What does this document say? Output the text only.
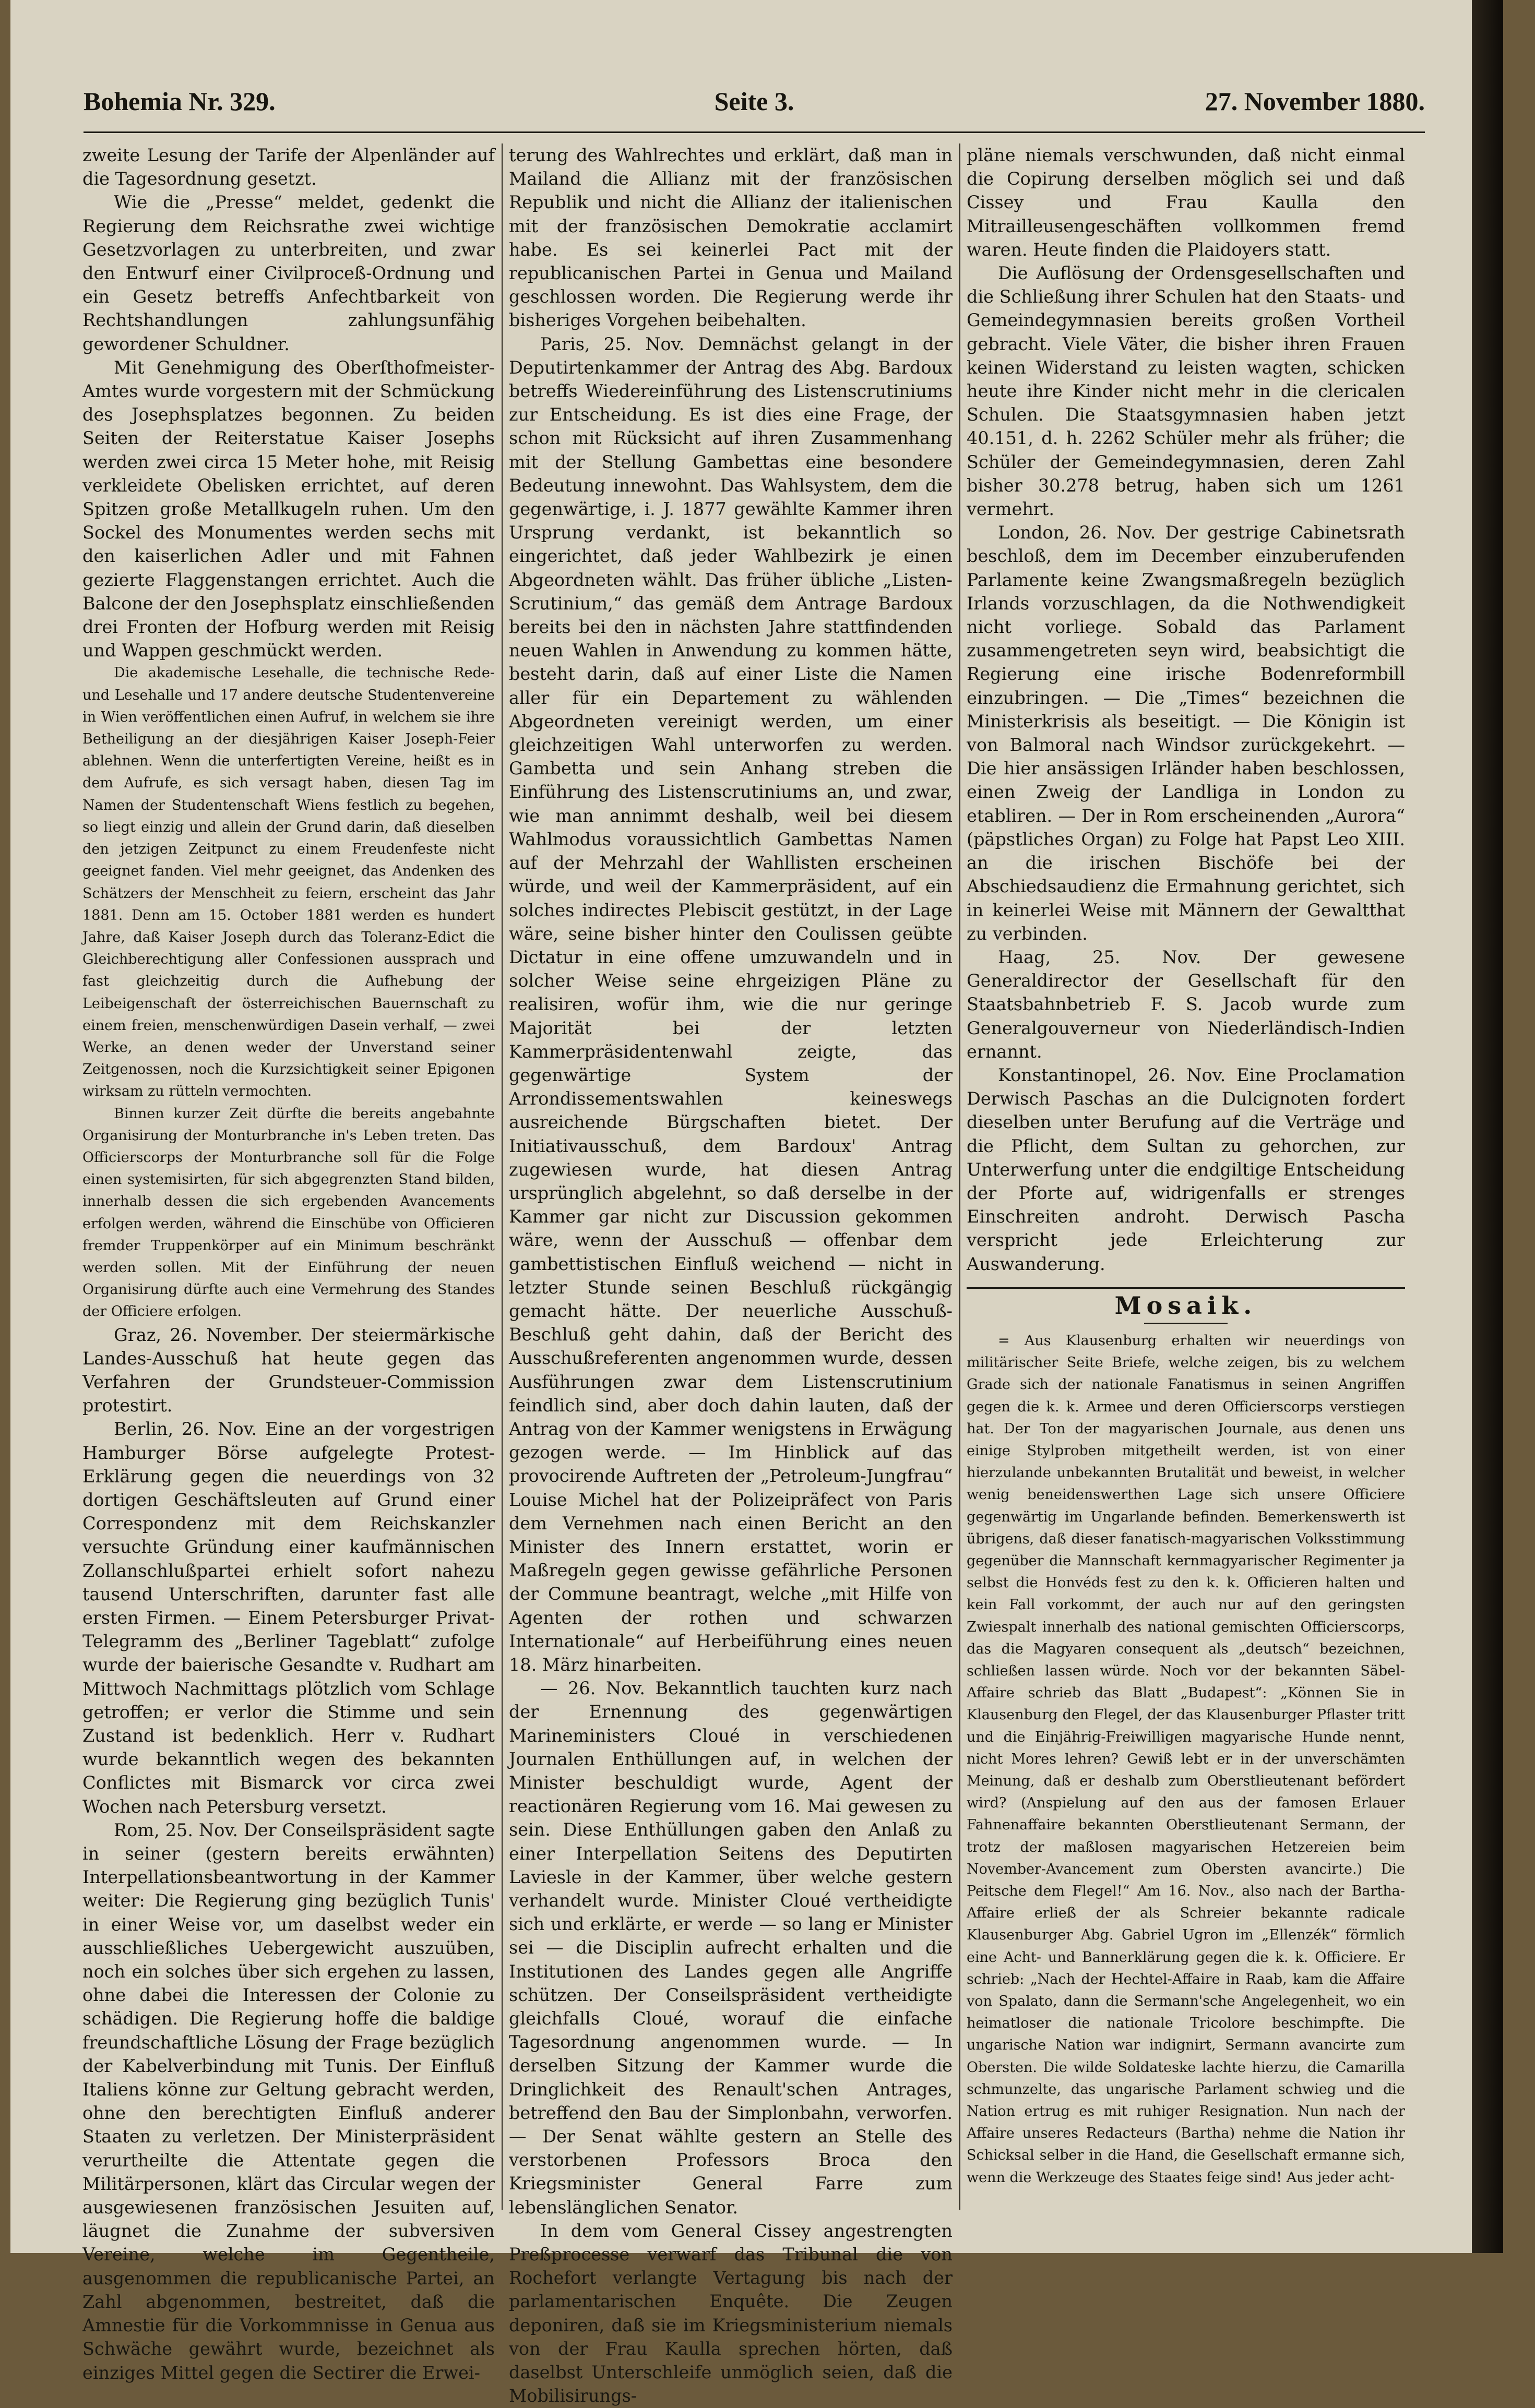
Bohemia Nr. 329.	Seite 3.	27. November 1880.

zweite Lesung der Tarife der Alpenländer auf die Tagesordnung gesetzt.

Wie die „Presse“ meldet, gedenkt die Regierung dem Reichsrathe zwei wichtige Gesetzvorlagen zu unterbreiten, und zwar den Entwurf einer Civilproceß-Ordnung und ein Gesetz betreffs Anfechtbarkeit von Rechtshandlungen zahlungsunfähig gewordener Schuldner.

Mit Genehmigung des Oberſthofmeister-Amtes wurde vorgestern mit der Schmückung des Josephsplatzes begonnen. Zu beiden Seiten der Reiterstatue Kaiser Josephs werden zwei circa 15 Meter hohe, mit Reisig verkleidete Obelisken errichtet, auf deren Spitzen große Metallkugeln ruhen. Um den Sockel des Monumentes werden sechs mit den kaiserlichen Adler und mit Fahnen gezierte Flaggenstangen errichtet. Auch die Balcone der den Josephsplatz einschließenden drei Fronten der Hofburg werden mit Reisig und Wappen geschmückt werden.

Die akademische Lesehalle, die technische Rede- und Lesehalle und 17 andere deutsche Studentenvereine in Wien veröffentlichen einen Aufruf, in welchem sie ihre Betheiligung an der diesjährigen Kaiser Joseph-Feier ablehnen. Wenn die unterfertigten Vereine, heißt es in dem Aufrufe, es sich versagt haben, diesen Tag im Namen der Studentenschaft Wiens festlich zu begehen, so liegt einzig und allein der Grund darin, daß dieselben den jetzigen Zeitpunct zu einem Freudenfeste nicht geeignet fanden. Viel mehr geeignet, das Andenken des Schätzers der Menschheit zu feiern, erscheint das Jahr 1881. Denn am 15. October 1881 werden es hundert Jahre, daß Kaiser Joseph durch das Toleranz-Edict die Gleichberechtigung aller Confessionen aussprach und fast gleichzeitig durch die Aufhebung der Leibeigenschaft der österreichischen Bauernschaft zu einem freien, menschenwürdigen Dasein verhalf, — zwei Werke, an denen weder der Unverstand seiner Zeitgenossen, noch die Kurzsichtigkeit seiner Epigonen wirksam zu rütteln vermochten.

Binnen kurzer Zeit dürfte die bereits angebahnte Organisirung der Monturbranche in's Leben treten. Das Officierscorps der Monturbranche soll für die Folge einen systemisirten, für sich abgegrenzten Stand bilden, innerhalb dessen die sich ergebenden Avancements erfolgen werden, während die Einschübe von Officieren fremder Truppenkörper auf ein Minimum beschränkt werden sollen. Mit der Einführung der neuen Organisirung dürfte auch eine Vermehrung des Standes der Officiere erfolgen.

Graz, 26. November. Der steiermärkische Landes-Ausschuß hat heute gegen das Verfahren der Grundsteuer-Commission protestirt.

Berlin, 26. Nov. Eine an der vorgestrigen Hamburger Börse aufgelegte Protest-Erklärung gegen die neuerdings von 32 dortigen Geschäftsleuten auf Grund einer Correspondenz mit dem Reichskanzler versuchte Gründung einer kaufmännischen Zollanschlußpartei erhielt sofort nahezu tausend Unterschriften, darunter fast alle ersten Firmen. — Einem Petersburger Privat-Telegramm des „Berliner Tageblatt“ zufolge wurde der baierische Gesandte v. Rudhart am Mittwoch Nachmittags plötzlich vom Schlage getroffen; er verlor die Stimme und sein Zustand ist bedenklich. Herr v. Rudhart wurde bekanntlich wegen des bekannten Conflictes mit Bismarck vor circa zwei Wochen nach Petersburg versetzt.

Rom, 25. Nov. Der Conseilspräsident sagte in seiner (gestern bereits erwähnten) Interpellationsbeantwortung in der Kammer weiter: Die Regierung ging bezüglich Tunis' in einer Weise vor, um daselbst weder ein ausschließliches Uebergewicht auszuüben, noch ein solches über sich ergehen zu lassen, ohne dabei die Interessen der Colonie zu schädigen. Die Regierung hoffe die baldige freundschaftliche Lösung der Frage bezüglich der Kabelverbindung mit Tunis. Der Einfluß Italiens könne zur Geltung gebracht werden, ohne den berechtigten Einfluß anderer Staaten zu verletzen. Der Ministerpräsident verurtheilte die Attentate gegen die Militärpersonen, klärt das Circular wegen der ausgewiesenen französischen Jesuiten auf, läugnet die Zunahme der subversiven Vereine, welche im Gegentheile, ausgenommen die republicanische Partei, an Zahl abgenommen, bestreitet, daß die Amnestie für die Vorkommnisse in Genua aus Schwäche gewährt wurde, bezeichnet als einziges Mittel gegen die Sectirer die Erwei-

terung des Wahlrechtes und erklärt, daß man in Mailand die Allianz mit der französischen Republik und nicht die Allianz der italienischen mit der französischen Demokratie acclamirt habe. Es sei keinerlei Pact mit der republicanischen Partei in Genua und Mailand geschlossen worden. Die Regierung werde ihr bisheriges Vorgehen beibehalten.

Paris, 25. Nov. Demnächst gelangt in der Deputirtenkammer der Antrag des Abg. Bardoux betreffs Wiedereinführung des Listenscrutiniums zur Entscheidung. Es ist dies eine Frage, der schon mit Rücksicht auf ihren Zusammenhang mit der Stellung Gambettas eine besondere Bedeutung innewohnt. Das Wahlsystem, dem die gegenwärtige, i. J. 1877 gewählte Kammer ihren Ursprung verdankt, ist bekanntlich so eingerichtet, daß jeder Wahlbezirk je einen Abgeordneten wählt. Das früher übliche „Listen-Scrutinium,“ das gemäß dem Antrage Bardoux bereits bei den in nächsten Jahre stattfindenden neuen Wahlen in Anwendung zu kommen hätte, besteht darin, daß auf einer Liste die Namen aller für ein Departement zu wählenden Abgeordneten vereinigt werden, um einer gleichzeitigen Wahl unterworfen zu werden. Gambetta und sein Anhang streben die Einführung des Listenscrutiniums an, und zwar, wie man annimmt deshalb, weil bei diesem Wahlmodus voraussichtlich Gambettas Namen auf der Mehrzahl der Wahllisten erscheinen würde, und weil der Kammerpräsident, auf ein solches indirectes Plebiscit gestützt, in der Lage wäre, seine bisher hinter den Coulissen geübte Dictatur in eine offene umzuwandeln und in solcher Weise seine ehrgeizigen Pläne zu realisiren, wofür ihm, wie die nur geringe Majorität bei der letzten Kammerpräsidentenwahl zeigte, das gegenwärtige System der Arrondissementswahlen keineswegs ausreichende Bürgschaften bietet. Der Initiativausschuß, dem Bardoux' Antrag zugewiesen wurde, hat diesen Antrag ursprünglich abgelehnt, so daß derselbe in der Kammer gar nicht zur Discussion gekommen wäre, wenn der Ausschuß — offenbar dem gambettistischen Einfluß weichend — nicht in letzter Stunde seinen Beschluß rückgängig gemacht hätte. Der neuerliche Ausschuß-Beschluß geht dahin, daß der Bericht des Ausschußreferenten angenommen wurde, dessen Ausführungen zwar dem Listenscrutinium feindlich sind, aber doch dahin lauten, daß der Antrag von der Kammer wenigstens in Erwägung gezogen werde. — Im Hinblick auf das provocirende Auftreten der „Petroleum-Jungfrau“ Louise Michel hat der Polizeipräfect von Paris dem Vernehmen nach einen Bericht an den Minister des Innern erstattet, worin er Maßregeln gegen gewisse gefährliche Personen der Commune beantragt, welche „mit Hilfe von Agenten der rothen und schwarzen Internationale“ auf Herbeiführung eines neuen 18. März hinarbeiten.

— 26. Nov. Bekanntlich tauchten kurz nach der Ernennung des gegenwärtigen Marineministers Cloué in verschiedenen Journalen Enthüllungen auf, in welchen der Minister beschuldigt wurde, Agent der reactionären Regierung vom 16. Mai gewesen zu sein. Diese Enthüllungen gaben den Anlaß zu einer Interpellation Seitens des Deputirten Laviesle in der Kammer, über welche gestern verhandelt wurde. Minister Cloué vertheidigte sich und erklärte, er werde — so lang er Minister sei — die Disciplin aufrecht erhalten und die Institutionen des Landes gegen alle Angriffe schützen. Der Conseilspräsident vertheidigte gleichfalls Cloué, worauf die einfache Tagesordnung angenommen wurde. — In derselben Sitzung der Kammer wurde die Dringlichkeit des Renault'schen Antrages, betreffend den Bau der Simplonbahn, verworfen. — Der Senat wählte gestern an Stelle des verstorbenen Professors Broca den Kriegsminister General Farre zum lebenslänglichen Senator.

In dem vom General Cissey angestrengten Preßprocesse verwarf das Tribunal die von Rochefort verlangte Vertagung bis nach der parlamentarischen Enquête. Die Zeugen deponiren, daß sie im Kriegsministerium niemals von der Frau Kaulla sprechen hörten, daß daselbst Unterschleife unmöglich seien, daß die Mobilisirungs-

pläne niemals verschwunden, daß nicht einmal die Copirung derselben möglich sei und daß Cissey und Frau Kaulla den Mitrailleusengeschäften vollkommen fremd waren. Heute finden die Plaidoyers statt.

Die Auflösung der Ordensgesellschaften und die Schließung ihrer Schulen hat den Staats- und Gemeindegymnasien bereits großen Vortheil gebracht. Viele Väter, die bisher ihren Frauen keinen Widerstand zu leisten wagten, schicken heute ihre Kinder nicht mehr in die clericalen Schulen. Die Staatsgymnasien haben jetzt 40.151, d. h. 2262 Schüler mehr als früher; die Schüler der Gemeindegymnasien, deren Zahl bisher 30.278 betrug, haben sich um 1261 vermehrt.

London, 26. Nov. Der gestrige Cabinetsrath beschloß, dem im December einzuberufenden Parlamente keine Zwangsmaßregeln bezüglich Irlands vorzuschlagen, da die Nothwendigkeit nicht vorliege. Sobald das Parlament zusammengetreten seyn wird, beabsichtigt die Regierung eine irische Bodenreformbill einzubringen. — Die „Times“ bezeichnen die Ministerkrisis als beseitigt. — Die Königin ist von Balmoral nach Windsor zurückgekehrt. — Die hier ansässigen Irländer haben beschlossen, einen Zweig der Landliga in London zu etabliren. — Der in Rom erscheinenden „Aurora“ (päpstliches Organ) zu Folge hat Papst Leo XIII. an die irischen Bischöfe bei der Abschiedsaudienz die Ermahnung gerichtet, sich in keinerlei Weise mit Männern der Gewaltthat zu verbinden.

Haag, 25. Nov. Der gewesene Generaldirector der Gesellschaft für den Staatsbahnbetrieb F. S. Jacob wurde zum Generalgouverneur von Niederländisch-Indien ernannt.

Konstantinopel, 26. Nov. Eine Proclamation Derwisch Paschas an die Dulcignoten fordert dieselben unter Berufung auf die Verträge und die Pflicht, dem Sultan zu gehorchen, zur Unterwerfung unter die endgiltige Entscheidung der Pforte auf, widrigenfalls er strenges Einschreiten androht. Derwisch Pascha verspricht jede Erleichterung zur Auswanderung.

Mosaik.

= Aus Klausenburg erhalten wir neuerdings von militärischer Seite Briefe, welche zeigen, bis zu welchem Grade sich der nationale Fanatismus in seinen Angriffen gegen die k. k. Armee und deren Officierscorps verstiegen hat. Der Ton der magyarischen Journale, aus denen uns einige Stylproben mitgetheilt werden, ist von einer hierzulande unbekannten Brutalität und beweist, in welcher wenig beneidenswerthen Lage sich unsere Officiere gegenwärtig im Ungarlande befinden. Bemerkenswerth ist übrigens, daß dieser fanatisch-magyarischen Volksstimmung gegenüber die Mannschaft kernmagyarischer Regimenter ja selbst die Honvéds fest zu den k. k. Officieren halten und kein Fall vorkommt, der auch nur auf den geringsten Zwiespalt innerhalb des national gemischten Officierscorps, das die Magyaren consequent als „deutsch“ bezeichnen, schließen lassen würde. Noch vor der bekannten Säbel-Affaire schrieb das Blatt „Budapest“: „Können Sie in Klausenburg den Flegel, der das Klausenburger Pflaster tritt und die Einjährig-Freiwilligen magyarische Hunde nennt, nicht Mores lehren? Gewiß lebt er in der unverschämten Meinung, daß er deshalb zum Oberstlieutenant befördert wird? (Anspielung auf den aus der famosen Erlauer Fahnenaffaire bekannten Oberstlieutenant Sermann, der trotz der maßlosen magyarischen Hetzereien beim November-Avancement zum Obersten avancirte.) Die Peitsche dem Flegel!“ Am 16. Nov., also nach der Bartha-Affaire erließ der als Schreier bekannte radicale Klausenburger Abg. Gabriel Ugron im „Ellenzék“ förmlich eine Acht- und Bannerklärung gegen die k. k. Officiere. Er schrieb: „Nach der Hechtel-Affaire in Raab, kam die Affaire von Spalato, dann die Sermann'sche Angelegenheit, wo ein heimatloser die nationale Tricolore beschimpfte. Die ungarische Nation war indignirt, Sermann avancirte zum Obersten. Die wilde Soldateske lachte hierzu, die Camarilla schmunzelte, das ungarische Parlament schwieg und die Nation ertrug es mit ruhiger Resignation. Nun nach der Affaire unseres Redacteurs (Bartha) nehme die Nation ihr Schicksal selber in die Hand, die Gesellschaft ermanne sich, wenn die Werkzeuge des Staates feige sind! Aus jeder acht-
